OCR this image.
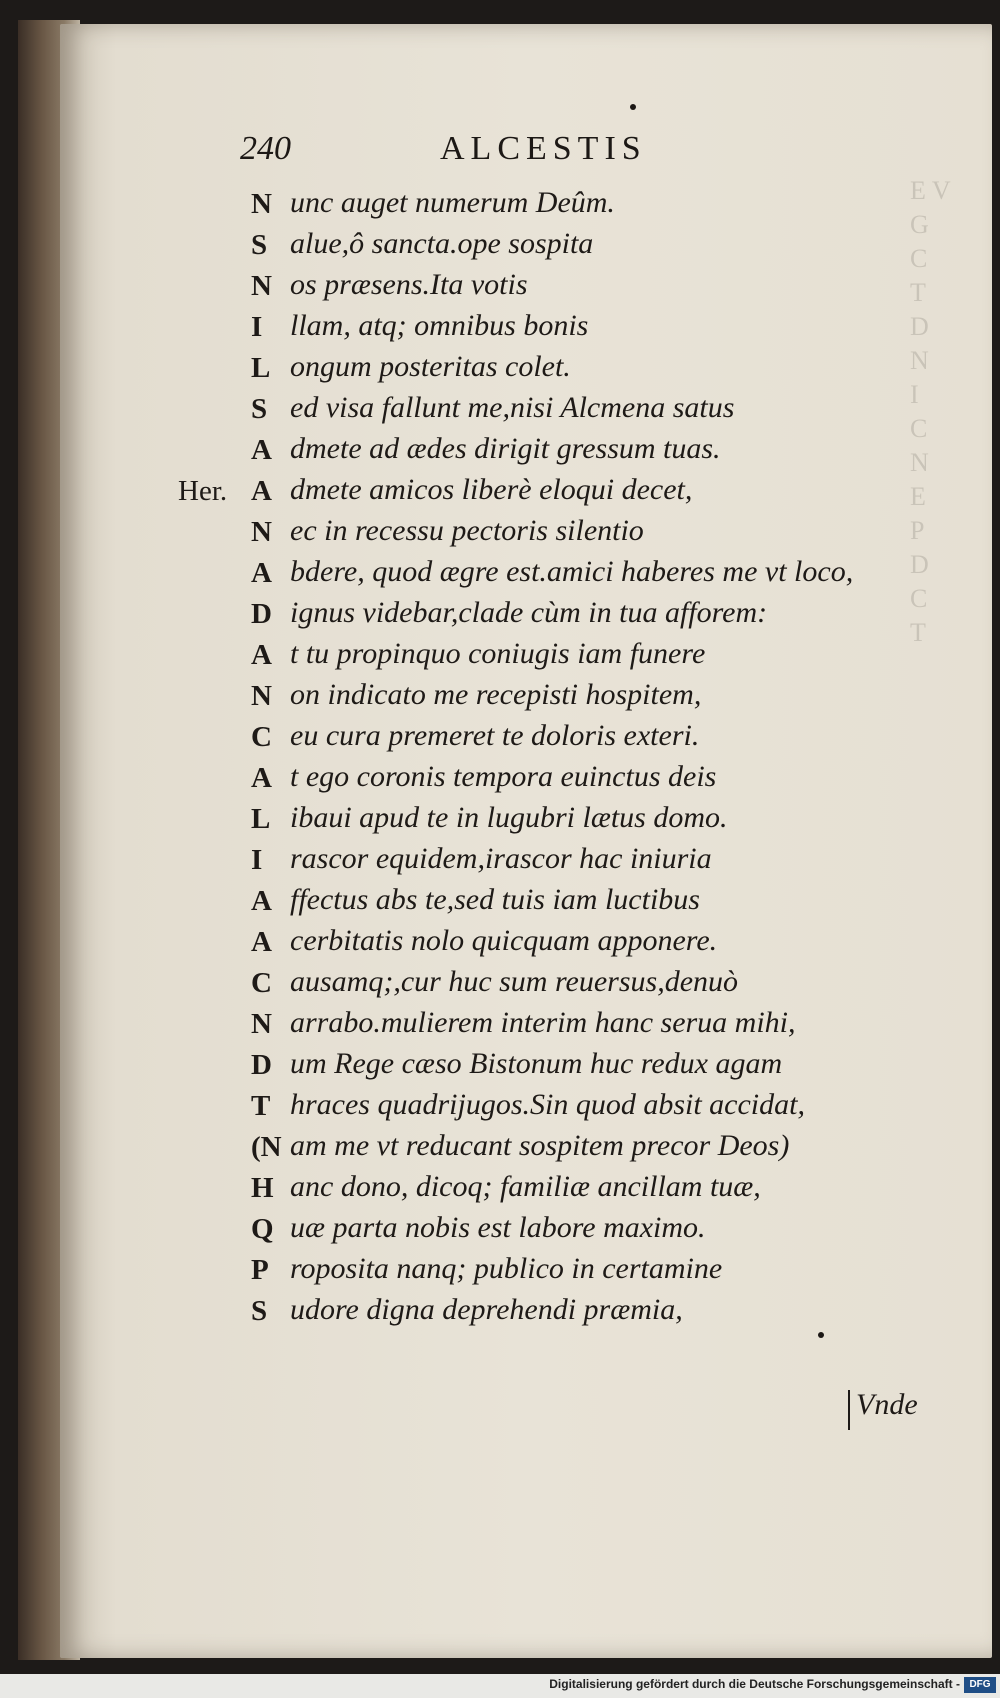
E V
G
C
T
D
N
I
C
N
E
P
D
C
T
240	ALCESTIS
N unc auget numerum Deûm.
S alue,ô sancta.ope sospita
N os præsens.Ita votis
I llam, atq; omnibus bonis
L ongum posteritas colet.
S ed visa fallunt me,nisi Alcmena satus
A dmete ad ædes dirigit gressum tuas.
Her. A dmete amicos liberè eloqui decet,
N ec in recessu pectoris silentio
A bdere, quod ægre est.amici haberes me vt loco,
D ignus videbar,clade cùm in tua afforem:
A t tu propinquo coniugis iam funere
N on indicato me recepisti hospitem,
C eu cura premeret te doloris exteri.
A t ego coronis tempora euinctus deis
L ibaui apud te in lugubri lætus domo.
I rascor equidem,irascor hac iniuria
A ffectus abs te,sed tuis iam luctibus
A cerbitatis nolo quicquam apponere.
C ausamq;,cur huc sum reuersus,denuò
N arrabo.mulierem interim hanc serua mihi,
D um Rege cæso Bistonum huc redux agam
T hraces quadrijugos.Sin quod absit accidat,
(N am me vt reducant sospitem precor Deos)
H anc dono, dicoq; familiæ ancillam tuæ,
Q uæ parta nobis est labore maximo.
P roposita nanq; publico in certamine
S udore digna deprehendi præmia,
Vnde
Digitalisierung gefördert durch die Deutsche Forschungsgemeinschaft - DFG
